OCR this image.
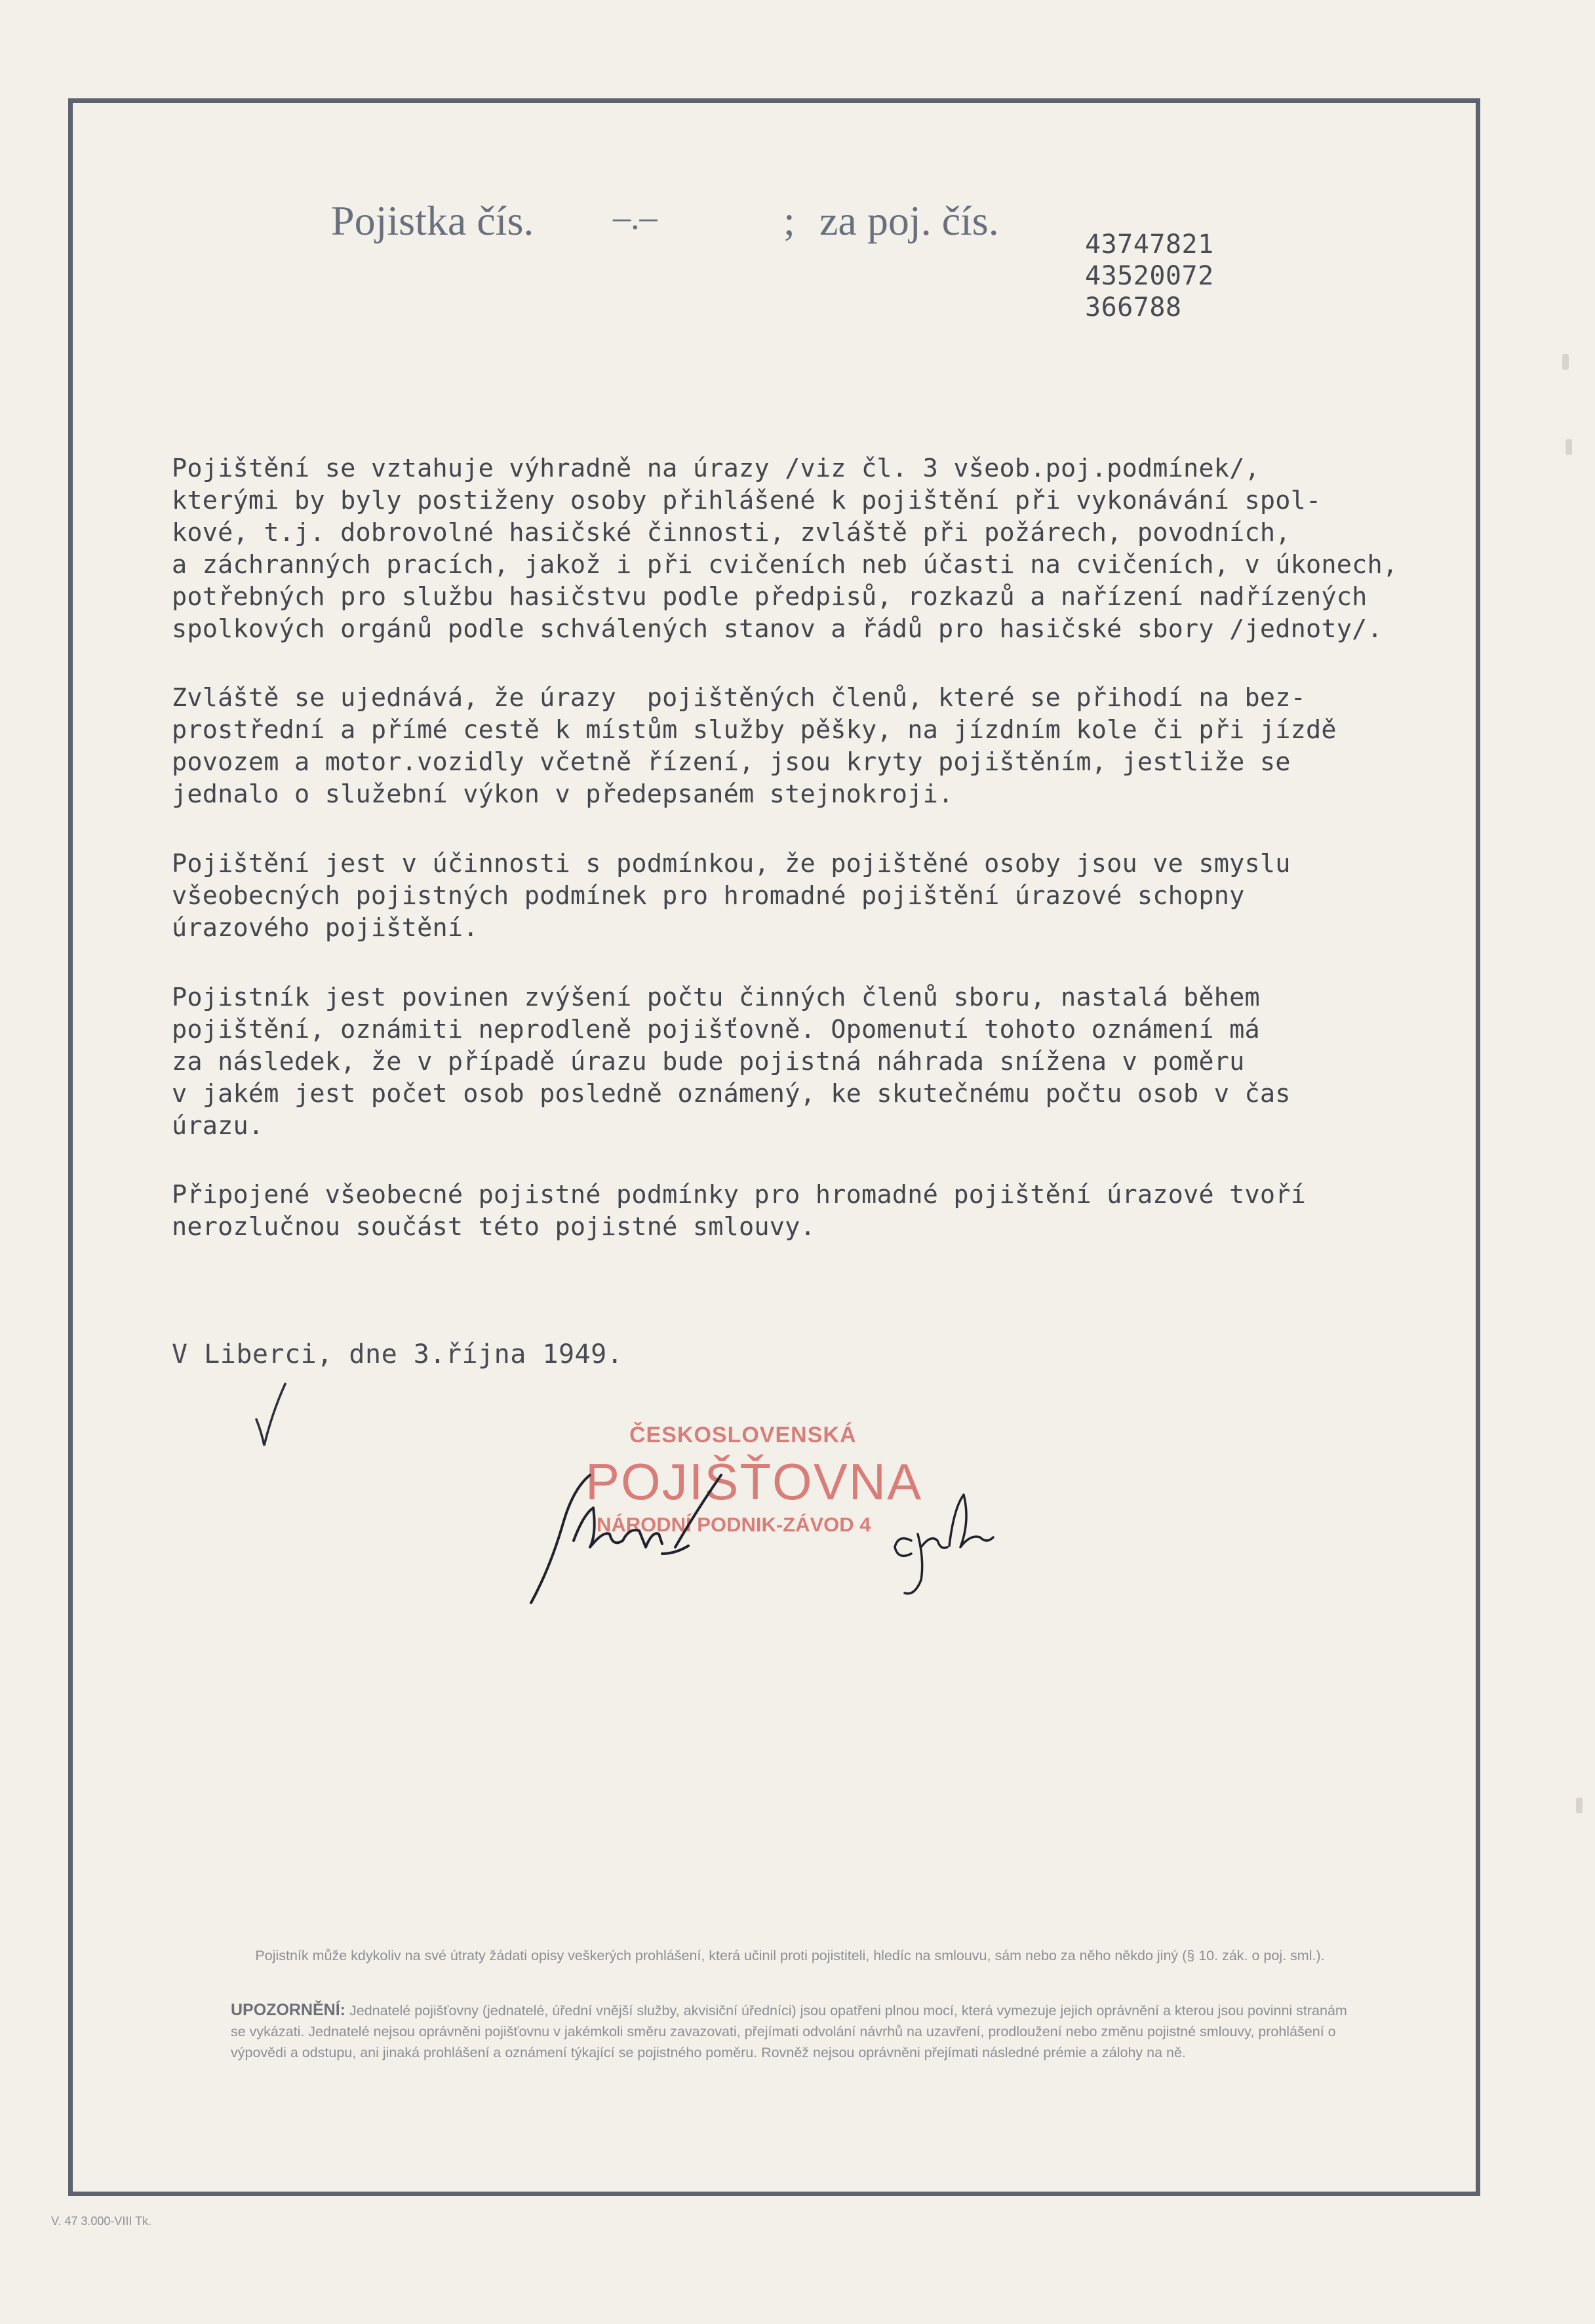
Pojistka čís. –.–	; za poj. čís.
43747821
43520072
366788
Pojištění se vztahuje výhradně na úrazy /viz čl. 3 všeob.poj.podmínek/,
kterými by byly postiženy osoby přihlášené k pojištění při vykonávání spol-
kové, t.j. dobrovolné hasičské činnosti, zvláště při požárech, povodních,
a záchranných pracích, jakož i při cvičeních neb účasti na cvičeních, v úkonech,
potřebných pro službu hasičstvu podle předpisů, rozkazů a nařízení nadřízených
spolkových orgánů podle schválených stanov a řádů pro hasičské sbory /jednoty/.
Zvláště se ujednává, že úrazy  pojištěných členů, které se přihodí na bez-
prostřední a přímé cestě k místům služby pěšky, na jízdním kole či při jízdě
povozem a motor.vozidly včetně řízení, jsou kryty pojištěním, jestliže se
jednalo o služební výkon v předepsaném stejnokroji.
Pojištění jest v účinnosti s podmínkou, že pojištěné osoby jsou ve smyslu
všeobecných pojistných podmínek pro hromadné pojištění úrazové schopny
úrazového pojištění.
Pojistník jest povinen zvýšení počtu činných členů sboru, nastalá během
pojištění, oznámiti neprodleně pojišťovně. Opomenutí tohoto oznámení má
za následek, že v případě úrazu bude pojistná náhrada snížena v poměru
v jakém jest počet osob posledně oznámený, ke skutečnému počtu osob v čas
úrazu.
Připojené všeobecné pojistné podmínky pro hromadné pojištění úrazové tvoří
nerozlučnou součást této pojistné smlouvy.
V Liberci, dne 3.října 1949.
ČESKOSLOVENSKÁ
POJIŠŤOVNA
NÁRODNÍ PODNIK-ZÁVOD 4
Pojistník může kdykoliv na své útraty žádati opisy veškerých prohlášení, která učinil proti pojistiteli, hledíc na smlouvu, sám nebo za něho někdo jiný (§ 10. zák. o poj. sml.).
UPOZORNĚNÍ: Jednatelé pojišťovny (jednatelé, úřední vnější služby, akvisiční úředníci) jsou opatřeni plnou mocí, která vymezuje jejich oprávnění a kterou jsou povinni stranám se vykázati. Jednatelé nejsou oprávněni pojišťovnu v jakémkoli směru zavazovati, přejímati odvolání návrhů na uzavření, prodloužení nebo změnu pojistné smlouvy, prohlášení o výpovědi a odstupu, ani jinaká prohlášení a oznámení týkající se pojistného poměru. Rovněž nejsou oprávněni přejímati následné prémie a zálohy na ně.
V. 47 3.000-VIII Tk.
